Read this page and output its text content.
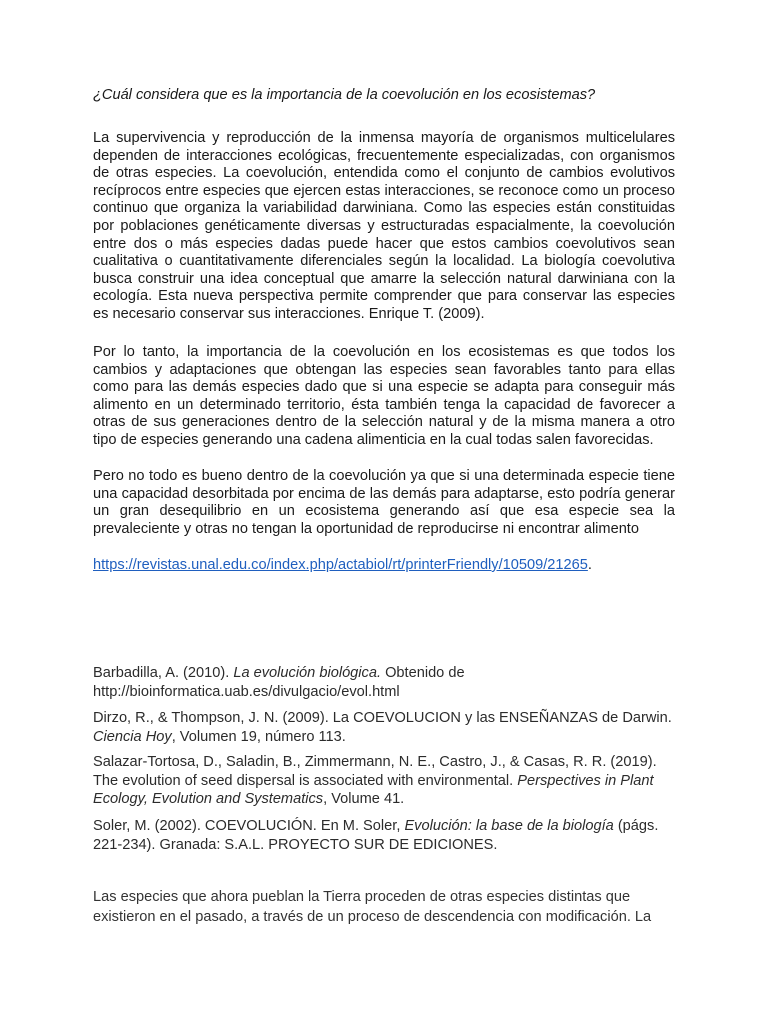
¿Cuál considera que es la importancia de la coevolución en los ecosistemas?

La supervivencia y reproducción de la inmensa mayoría de organismos multicelulares dependen de interacciones ecológicas, frecuentemente especializadas, con organismos de otras especies. La coevolución, entendida como el conjunto de cambios evolutivos recíprocos entre especies que ejercen estas interacciones, se reconoce como un proceso continuo que organiza la variabilidad darwiniana. Como las especies están constituidas por poblaciones genéticamente diversas y estructuradas espacialmente, la coevolución entre dos o más especies dadas puede hacer que estos cambios coevolutivos sean cualitativa o cuantitativamente diferenciales según la localidad. La biología coevolutiva busca construir una idea conceptual que amarre la selección natural darwiniana con la ecología. Esta nueva perspectiva permite comprender que para conservar las especies es necesario conservar sus interacciones. Enrique T. (2009).

Por lo tanto, la importancia de la coevolución en los ecosistemas es que todos los cambios y adaptaciones que obtengan las especies sean favorables tanto para ellas como para las demás especies dado que si una especie se adapta para conseguir más alimento en un determinado territorio, ésta también tenga la capacidad de favorecer a otras de sus generaciones dentro de la selección natural y de la misma manera a otro tipo de especies generando una cadena alimenticia en la cual todas salen favorecidas.

Pero no todo es bueno dentro de la coevolución ya que si una determinada especie tiene una capacidad desorbitada por encima de las demás para adaptarse, esto podría generar un gran desequilibrio en un ecosistema generando así que esa especie sea la prevaleciente y otras no tengan la oportunidad de reproducirse ni encontrar alimento

https://revistas.unal.edu.co/index.php/actabiol/rt/printerFriendly/10509/21265.

Barbadilla, A. (2010). La evolución biológica. Obtenido de http://bioinformatica.uab.es/divulgacio/evol.html

Dirzo, R., & Thompson, J. N. (2009). La COEVOLUCION y las ENSEÑANZAS de Darwin. Ciencia Hoy, Volumen 19, número 113.

Salazar-Tortosa, D., Saladin, B., Zimmermann, N. E., Castro, J., & Casas, R. R. (2019). The evolution of seed dispersal is associated with environmental. Perspectives in Plant Ecology, Evolution and Systematics, Volume 41.

Soler, M. (2002). COEVOLUCIÓN. En M. Soler, Evolución: la base de la biología (págs. 221-234). Granada: S.A.L. PROYECTO SUR DE EDICIONES.

Las especies que ahora pueblan la Tierra proceden de otras especies distintas que existieron en el pasado, a través de un proceso de descendencia con modificación. La
